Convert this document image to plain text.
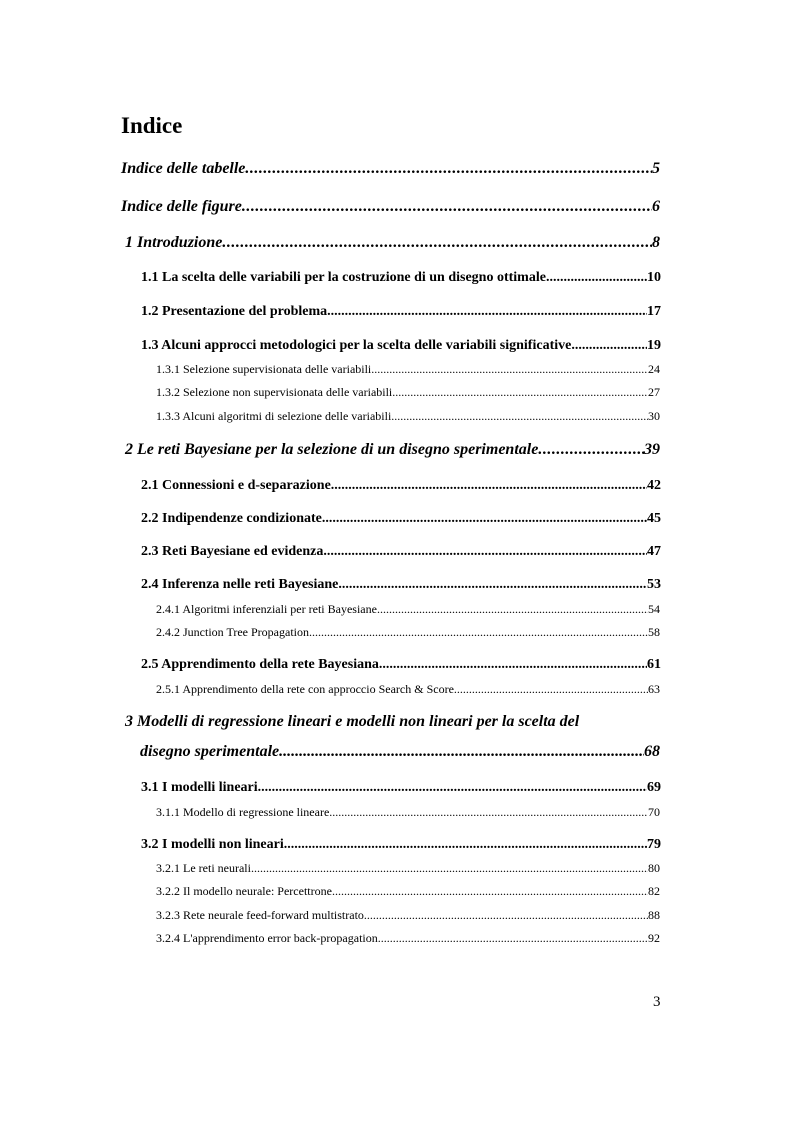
Indice
Indice delle tabelle .....	5
Indice delle figure .....	6
1 Introduzione .....	8
1.1 La scelta delle variabili per la costruzione di un disegno ottimale .....	10
1.2 Presentazione del problema .....	17
1.3 Alcuni approcci metodologici per la scelta delle variabili significative .....	19
1.3.1 Selezione supervisionata delle variabili .....	24
1.3.2 Selezione non supervisionata delle variabili .....	27
1.3.3 Alcuni algoritmi di selezione delle variabili .....	30
2 Le reti Bayesiane per la selezione di un disegno sperimentale .....	39
2.1 Connessioni e d-separazione .....	42
2.2 Indipendenze condizionate .....	45
2.3 Reti Bayesiane ed evidenza .....	47
2.4 Inferenza nelle reti Bayesiane .....	53
2.4.1 Algoritmi inferenziali per reti Bayesiane .....	54
2.4.2 Junction Tree Propagation .....	58
2.5 Apprendimento della rete Bayesiana .....	61
2.5.1 Apprendimento della rete con approccio Search & Score .....	63
3 Modelli di regressione lineari e modelli non lineari per la scelta del
disegno sperimentale .....	68
3.1 I modelli lineari .....	69
3.1.1 Modello di regressione lineare .....	70
3.2 I modelli non lineari .....	79
3.2.1 Le reti neurali .....	80
3.2.2 Il modello neurale: Percettrone .....	82
3.2.3 Rete neurale feed-forward multistrato .....	88
3.2.4 L'apprendimento error back-propagation .....	92
3
